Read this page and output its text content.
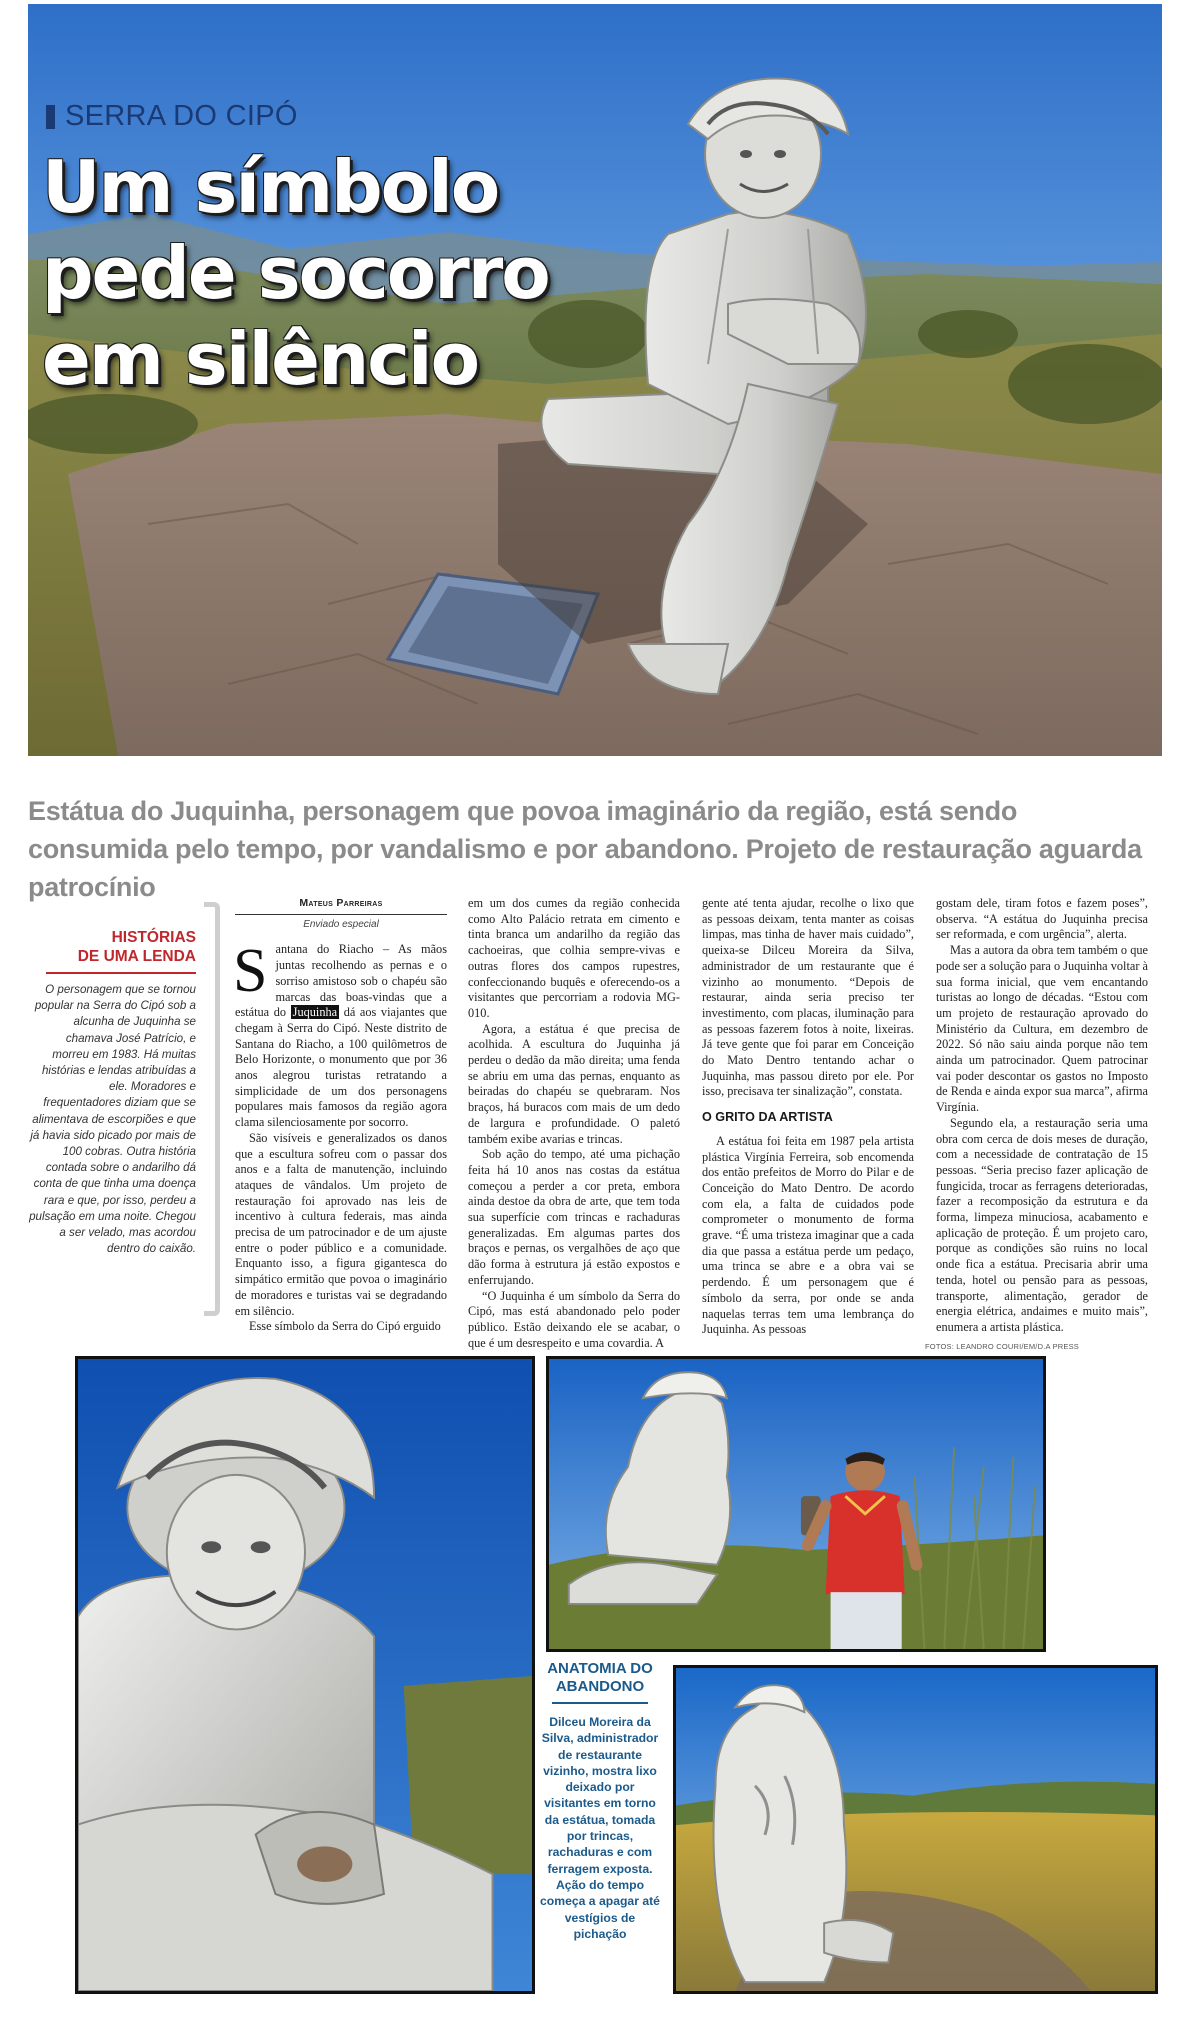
SERRA DO CIPÓ
Um símbolo
pede socorro
em silêncio

Estátua do Juquinha, personagem que povoa imaginário da região, está sendo consumida pelo tempo, por vandalismo e por abandono. Projeto de restauração aguarda patrocínio

HISTÓRIAS
DE UMA LENDA

O personagem que se tornou popular na Serra do Cipó sob a alcunha de Juquinha se chamava José Patrício, e morreu em 1983. Há muitas histórias e lendas atribuídas a ele. Moradores e frequentadores diziam que se alimentava de escorpiões e que já havia sido picado por mais de 100 cobras. Outra história contada sobre o andarilho dá conta de que tinha uma doença rara e que, por isso, perdeu a pulsação em uma noite. Chegou a ser velado, mas acordou dentro do caixão.

Mateus Parreiras
Enviado especial

Santana do Riacho – As mãos juntas recolhendo as pernas e o sorriso amistoso sob o chapéu são marcas das boas-vindas que a estátua do Juquinha dá aos viajantes que chegam à Serra do Cipó. Neste distrito de Santana do Riacho, a 100 quilômetros de Belo Horizonte, o monumento que por 36 anos alegrou turistas retratando a simplicidade de um dos personagens populares mais famosos da região agora clama silenciosamente por socorro.

São visíveis e generalizados os danos que a escultura sofreu com o passar dos anos e a falta de manutenção, incluindo ataques de vândalos. Um projeto de restauração foi aprovado nas leis de incentivo à cultura federais, mas ainda precisa de um patrocinador e de um ajuste entre o poder público e a comunidade. Enquanto isso, a figura gigantesca do simpático ermitão que povoa o imaginário de moradores e turistas vai se degradando em silêncio.

Esse símbolo da Serra do Cipó erguido

em um dos cumes da região conhecida como Alto Palácio retrata em cimento e tinta branca um andarilho da região das cachoeiras, que colhia sempre-vivas e outras flores dos campos rupestres, confeccionando buquês e oferecendo-os a visitantes que percorriam a rodovia MG-010.

Agora, a estátua é que precisa de acolhida. A escultura do Juquinha já perdeu o dedão da mão direita; uma fenda se abriu em uma das pernas, enquanto as beiradas do chapéu se quebraram. Nos braços, há buracos com mais de um dedo de largura e profundidade. O paletó também exibe avarias e trincas.

Sob ação do tempo, até uma pichação feita há 10 anos nas costas da estátua começou a perder a cor preta, embora ainda destoe da obra de arte, que tem toda sua superfície com trincas e rachaduras generalizadas. Em algumas partes dos braços e pernas, os vergalhões de aço que dão forma à estrutura já estão expostos e enferrujando.

“O Juquinha é um símbolo da Serra do Cipó, mas está abandonado pelo poder público. Estão deixando ele se acabar, o que é um desrespeito e uma covardia. A

gente até tenta ajudar, recolhe o lixo que as pessoas deixam, tenta manter as coisas limpas, mas tinha de haver mais cuidado”, queixa-se Dilceu Moreira da Silva, administrador de um restaurante que é vizinho ao monumento. “Depois de restaurar, ainda seria preciso ter investimento, com placas, iluminação para as pessoas fazerem fotos à noite, lixeiras. Já teve gente que foi parar em Conceição do Mato Dentro tentando achar o Juquinha, mas passou direto por ele. Por isso, precisava ter sinalização”, constata.

O GRITO DA ARTISTA

A estátua foi feita em 1987 pela artista plástica Virgínia Ferreira, sob encomenda dos então prefeitos de Morro do Pilar e de Conceição do Mato Dentro. De acordo com ela, a falta de cuidados pode comprometer o monumento de forma grave. “É uma tristeza imaginar que a cada dia que passa a estátua perde um pedaço, uma trinca se abre e a obra vai se perdendo. É um personagem que é símbolo da serra, por onde se anda naquelas terras tem uma lembrança do Juquinha. As pessoas

gostam dele, tiram fotos e fazem poses”, observa. “A estátua do Juquinha precisa ser reformada, e com urgência”, alerta.

Mas a autora da obra tem também o que pode ser a solução para o Juquinha voltar à sua forma inicial, que vem encantando turistas ao longo de décadas. “Estou com um projeto de restauração aprovado do Ministério da Cultura, em dezembro de 2022. Só não saiu ainda porque não tem ainda um patrocinador. Quem patrocinar vai poder descontar os gastos no Imposto de Renda e ainda expor sua marca”, afirma Virgínia.

Segundo ela, a restauração seria uma obra com cerca de dois meses de duração, com a necessidade de contratação de 15 pessoas. “Seria preciso fazer aplicação de fungicida, trocar as ferragens deterioradas, fazer a recomposição da estrutura e da forma, limpeza minuciosa, acabamento e aplicação de proteção. É um projeto caro, porque as condições são ruins no local onde fica a estátua. Precisaria abrir uma tenda, hotel ou pensão para as pessoas, transporte, alimentação, gerador de energia elétrica, andaimes e muito mais”, enumera a artista plástica.

FOTOS: LEANDRO COURI/EM/D.A PRESS
ANATOMIA DO
ABANDONO

Dilceu Moreira da Silva, administrador de restaurante vizinho, mostra lixo deixado por visitantes em torno da estátua, tomada por trincas, rachaduras e com ferragem exposta. Ação do tempo começa a apagar até vestígios de pichação
